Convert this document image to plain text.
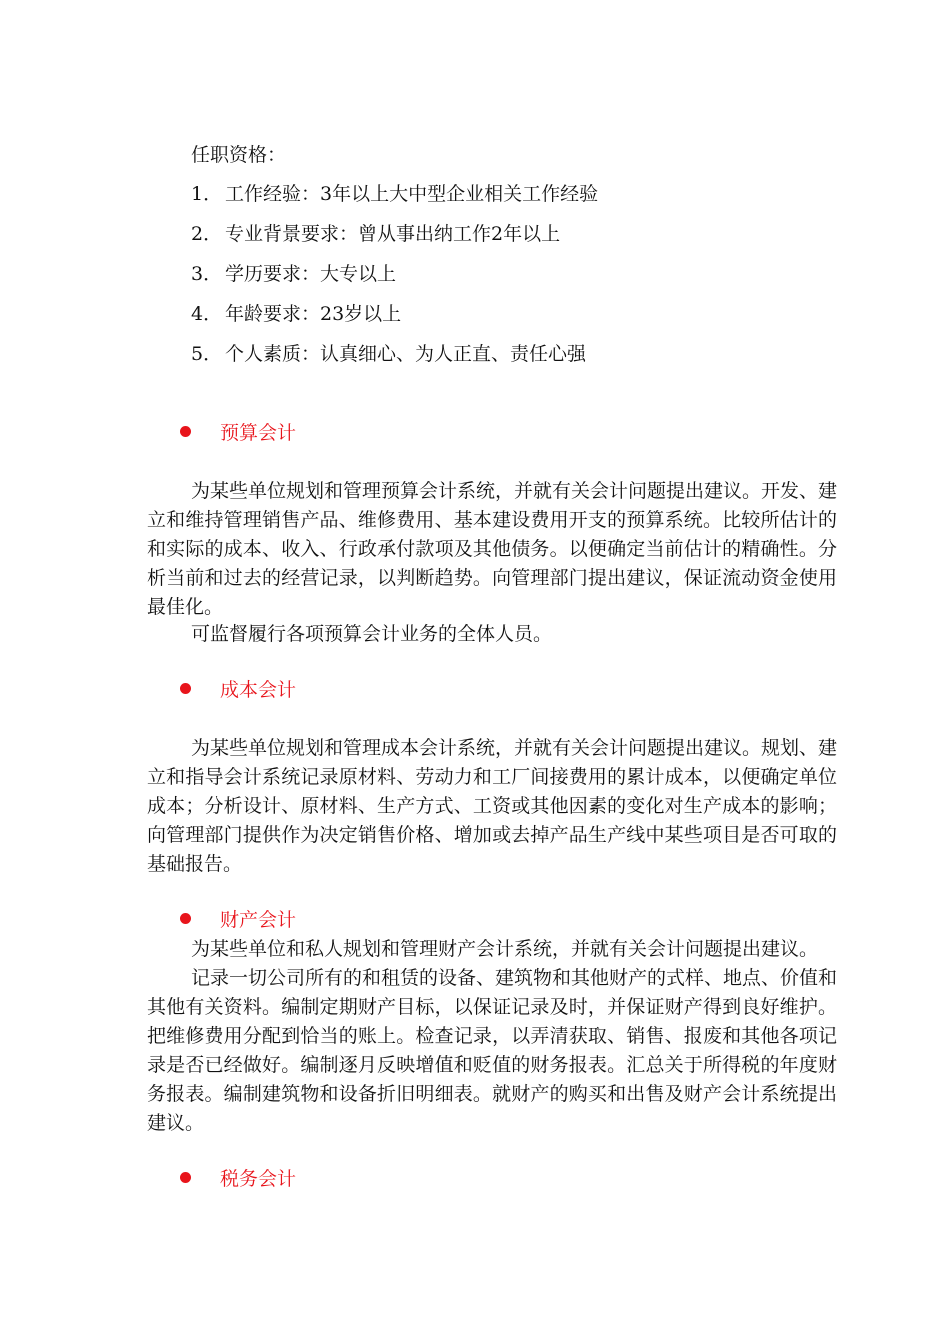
任职资格：
1． 工作经验：3年以上大中型企业相关工作经验
2． 专业背景要求：曾从事出纳工作2年以上
3． 学历要求：大专以上
4． 年龄要求：23岁以上
5． 个人素质：认真细心、为人正直、责任心强
预算会计

为某些单位规划和管理预算会计系统，并就有关会计问题提出建议。开发、建立和维持管理销售产品、维修费用、基本建设费用开支的预算系统。比较所估计的和实际的成本、收入、行政承付款项及其他债务。以便确定当前估计的精确性。分析当前和过去的经营记录，以判断趋势。向管理部门提出建议，保证流动资金使用最佳化。

可监督履行各项预算会计业务的全体人员。

成本会计

为某些单位规划和管理成本会计系统，并就有关会计问题提出建议。规划、建立和指导会计系统记录原材料、劳动力和工厂间接费用的累计成本，以便确定单位成本；分析设计、原材料、生产方式、工资或其他因素的变化对生产成本的影响；向管理部门提供作为决定销售价格、增加或去掉产品生产线中某些项目是否可取的基础报告。

财产会计

为某些单位和私人规划和管理财产会计系统，并就有关会计问题提出建议。

记录一切公司所有的和租赁的设备、建筑物和其他财产的式样、地点、价值和其他有关资料。编制定期财产目标，以保证记录及时，并保证财产得到良好维护。把维修费用分配到恰当的账上。检查记录，以弄清获取、销售、报废和其他各项记录是否已经做好。编制逐月反映增值和贬值的财务报表。汇总关于所得税的年度财务报表。编制建筑物和设备折旧明细表。就财产的购买和出售及财产会计系统提出建议。

税务会计
